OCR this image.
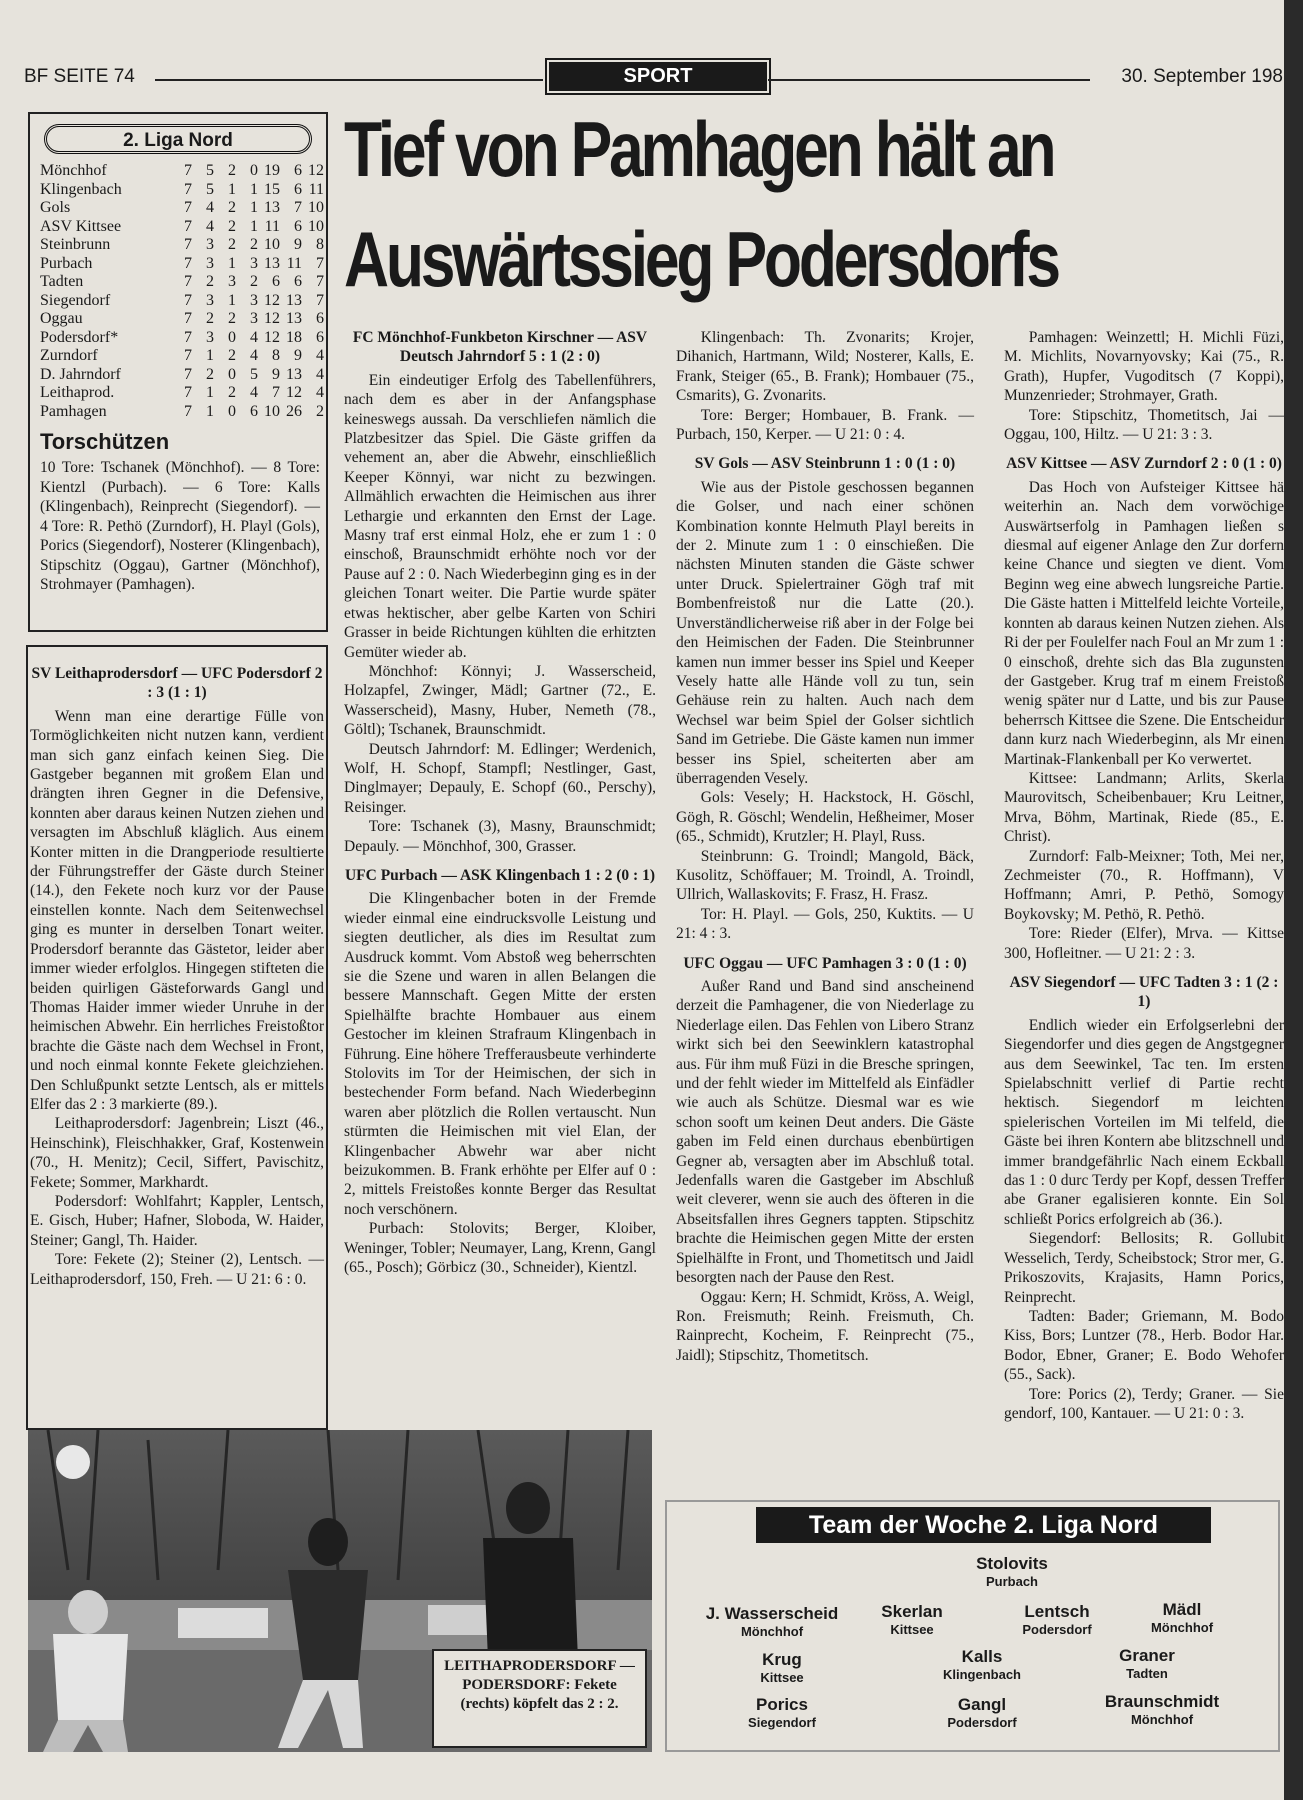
BF SEITE 74	SPORT	30. September 198
Tief von Pamhagen hält an
Auswärtssieg Podersdorfs
2. Liga Nord
Mönchhof	7	5	2	0	19	6	12
Klingenbach	7	5	1	1	15	6	11
Gols	7	4	2	1	13	7	10
ASV Kittsee	7	4	2	1	11	6	10
Steinbrunn	7	3	2	2	10	9	8
Purbach	7	3	1	3	13	11	7
Tadten	7	2	3	2	6	6	7
Siegendorf	7	3	1	3	12	13	7
Oggau	7	2	2	3	12	13	6
Podersdorf*	7	3	0	4	12	18	6
Zurndorf	7	1	2	4	8	9	4
D. Jahrndorf	7	2	0	5	9	13	4
Leithaprod.	7	1	2	4	7	12	4
Pamhagen	7	1	0	6	10	26	2
Torschützen
10 Tore: Tschanek (Mönchhof). — 8 Tore: Kientzl (Purbach). — 6 Tore: Kalls (Klingenbach), Reinprecht (Siegendorf). — 4 Tore: R. Pethö (Zurndorf), H. Playl (Gols), Porics (Siegendorf), Nosterer (Klingenbach), Stipschitz (Oggau), Gartner (Mönchhof), Strohmayer (Pamhagen).

SV Leithaprodersdorf — UFC Podersdorf 2 : 3 (1 : 1)

Wenn man eine derartige Fülle von Tormöglichkeiten nicht nutzen kann, verdient man sich ganz einfach keinen Sieg. Die Gastgeber begannen mit großem Elan und drängten ihren Gegner in die Defensive, konnten aber daraus keinen Nutzen ziehen und versagten im Abschluß kläglich. Aus einem Konter mitten in die Drangperiode resultierte der Führungstreffer der Gäste durch Steiner (14.), den Fekete noch kurz vor der Pause einstellen konnte. Nach dem Seitenwechsel ging es munter in derselben Tonart weiter. Prodersdorf berannte das Gästetor, leider aber immer wieder erfolglos. Hingegen stifteten die beiden quirligen Gästeforwards Gangl und Thomas Haider immer wieder Unruhe in der heimischen Abwehr. Ein herrliches Freistoßtor brachte die Gäste nach dem Wechsel in Front, und noch einmal konnte Fekete gleichziehen. Den Schlußpunkt setzte Lentsch, als er mittels Elfer das 2 : 3 markierte (89.).

Leithaprodersdorf: Jagenbrein; Liszt (46., Heinschink), Fleischhakker, Graf, Kostenwein (70., H. Menitz); Cecil, Siffert, Pavischitz, Fekete; Sommer, Markhardt.

Podersdorf: Wohlfahrt; Kappler, Lentsch, E. Gisch, Huber; Hafner, Sloboda, W. Haider, Steiner; Gangl, Th. Haider.

Tore: Fekete (2); Steiner (2), Lentsch. — Leithaprodersdorf, 150, Freh. — U 21: 6 : 0.

FC Mönchhof-Funkbeton Kirschner — ASV Deutsch Jahrndorf 5 : 1 (2 : 0)

Ein eindeutiger Erfolg des Tabellenführers, nach dem es aber in der Anfangsphase keineswegs aussah. Da verschliefen nämlich die Platzbesitzer das Spiel. Die Gäste griffen da vehement an, aber die Abwehr, einschließlich Keeper Könnyi, war nicht zu bezwingen. Allmählich erwachten die Heimischen aus ihrer Lethargie und erkannten den Ernst der Lage. Masny traf erst einmal Holz, ehe er zum 1 : 0 einschoß, Braunschmidt erhöhte noch vor der Pause auf 2 : 0. Nach Wiederbeginn ging es in der gleichen Tonart weiter. Die Partie wurde später etwas hektischer, aber gelbe Karten von Schiri Grasser in beide Richtungen kühlten die erhitzten Gemüter wieder ab.

Mönchhof: Könnyi; J. Wasserscheid, Holzapfel, Zwinger, Mädl; Gartner (72., E. Wasserscheid), Masny, Huber, Nemeth (78., Göltl); Tschanek, Braunschmidt.

Deutsch Jahrndorf: M. Edlinger; Werdenich, Wolf, H. Schopf, Stampfl; Nestlinger, Gast, Dinglmayer; Depauly, E. Schopf (60., Perschy), Reisinger.

Tore: Tschanek (3), Masny, Braunschmidt; Depauly. — Mönchhof, 300, Grasser.

UFC Purbach — ASK Klingenbach 1 : 2 (0 : 1)

Die Klingenbacher boten in der Fremde wieder einmal eine eindrucksvolle Leistung und siegten deutlicher, als dies im Resultat zum Ausdruck kommt. Vom Abstoß weg beherrschten sie die Szene und waren in allen Belangen die bessere Mannschaft. Gegen Mitte der ersten Spielhälfte brachte Hombauer aus einem Gestocher im kleinen Strafraum Klingenbach in Führung. Eine höhere Trefferausbeute verhinderte Stolovits im Tor der Heimischen, der sich in bestechender Form befand. Nach Wiederbeginn waren aber plötzlich die Rollen vertauscht. Nun stürmten die Heimischen mit viel Elan, der Klingenbacher Abwehr war aber nicht beizukommen. B. Frank erhöhte per Elfer auf 0 : 2, mittels Freistoßes konnte Berger das Resultat noch verschönern.

Purbach: Stolovits; Berger, Kloiber, Weninger, Tobler; Neumayer, Lang, Krenn, Gangl (65., Posch); Görbicz (30., Schneider), Kientzl.

Klingenbach: Th. Zvonarits; Krojer, Dihanich, Hartmann, Wild; Nosterer, Kalls, E. Frank, Steiger (65., B. Frank); Hombauer (75., Csmarits), G. Zvonarits.

Tore: Berger; Hombauer, B. Frank. — Purbach, 150, Kerper. — U 21: 0 : 4.

SV Gols — ASV Steinbrunn 1 : 0 (1 : 0)

Wie aus der Pistole geschossen begannen die Golser, und nach einer schönen Kombination konnte Helmuth Playl bereits in der 2. Minute zum 1 : 0 einschießen. Die nächsten Minuten standen die Gäste schwer unter Druck. Spielertrainer Gögh traf mit Bombenfreistoß nur die Latte (20.). Unverständlicherweise riß aber in der Folge bei den Heimischen der Faden. Die Steinbrunner kamen nun immer besser ins Spiel und Keeper Vesely hatte alle Hände voll zu tun, sein Gehäuse rein zu halten. Auch nach dem Wechsel war beim Spiel der Golser sichtlich Sand im Getriebe. Die Gäste kamen nun immer besser ins Spiel, scheiterten aber am überragenden Vesely.

Gols: Vesely; H. Hackstock, H. Göschl, Gögh, R. Göschl; Wendelin, Heßheimer, Moser (65., Schmidt), Krutzler; H. Playl, Russ.

Steinbrunn: G. Troindl; Mangold, Bäck, Kusolitz, Schöffauer; M. Troindl, A. Troindl, Ullrich, Wallaskovits; F. Frasz, H. Frasz.

Tor: H. Playl. — Gols, 250, Kuktits. — U 21: 4 : 3.

UFC Oggau — UFC Pamhagen 3 : 0 (1 : 0)

Außer Rand und Band sind anscheinend derzeit die Pamhagener, die von Niederlage zu Niederlage eilen. Das Fehlen von Libero Stranz wirkt sich bei den Seewinklern katastrophal aus. Für ihm muß Füzi in die Bresche springen, und der fehlt wieder im Mittelfeld als Einfädler wie auch als Schütze. Diesmal war es wie schon sooft um keinen Deut anders. Die Gäste gaben im Feld einen durchaus ebenbürtigen Gegner ab, versagten aber im Abschluß total. Jedenfalls waren die Gastgeber im Abschluß weit cleverer, wenn sie auch des öfteren in die Abseitsfallen ihres Gegners tappten. Stipschitz brachte die Heimischen gegen Mitte der ersten Spielhälfte in Front, und Thometitsch und Jaidl besorgten nach der Pause den Rest.

Oggau: Kern; H. Schmidt, Kröss, A. Weigl, Ron. Freismuth; Reinh. Freismuth, Ch. Rainprecht, Kocheim, F. Reinprecht (75., Jaidl); Stipschitz, Thometitsch.

Pamhagen: Weinzettl; H. Michli Füzi, M. Michlits, Novarnyovsky; Kai (75., R. Grath), Hupfer, Vugoditsch (7 Koppi), Munzenrieder; Strohmayer, Grath.

Tore: Stipschitz, Thometitsch, Jai — Oggau, 100, Hiltz. — U 21: 3 : 3.

ASV Kittsee — ASV Zurndorf 2 : 0 (1 : 0)

Das Hoch von Aufsteiger Kittsee hä weiterhin an. Nach dem vorwöchige Auswärtserfolg in Pamhagen ließen s diesmal auf eigener Anlage den Zur dorfern keine Chance und siegten ve dient. Vom Beginn weg eine abwech lungsreiche Partie. Die Gäste hatten i Mittelfeld leichte Vorteile, konnten ab daraus keinen Nutzen ziehen. Als Ri der per Foulelfer nach Foul an Mr zum 1 : 0 einschoß, drehte sich das Bla zugunsten der Gastgeber. Krug traf m einem Freistoß wenig später nur d Latte, und bis zur Pause beherrsch Kittsee die Szene. Die Entscheidur dann kurz nach Wiederbeginn, als Mr einen Martinak-Flankenball per Ko verwertet.

Kittsee: Landmann; Arlits, Skerla Maurovitsch, Scheibenbauer; Kru Leitner, Mrva, Böhm, Martinak, Riede (85., E. Christ).

Zurndorf: Falb-Meixner; Toth, Mei ner, Zechmeister (70., R. Hoffmann), V Hoffmann; Amri, P. Pethö, Somogy Boykovsky; M. Pethö, R. Pethö.

Tore: Rieder (Elfer), Mrva. — Kittse 300, Hofleitner. — U 21: 2 : 3.

ASV Siegendorf — UFC Tadten 3 : 1 (2 : 1)

Endlich wieder ein Erfolgserlebni der Siegendorfer und dies gegen de Angstgegner aus dem Seewinkel, Tac ten. Im ersten Spielabschnitt verlief di Partie recht hektisch. Siegendorf m leichten spielerischen Vorteilen im Mi telfeld, die Gäste bei ihren Kontern abe blitzschnell und immer brandgefährlic Nach einem Eckball das 1 : 0 durc Terdy per Kopf, dessen Treffer abe Graner egalisieren konnte. Ein Sol schließt Porics erfolgreich ab (36.).

Siegendorf: Bellosits; R. Gollubit Wesselich, Terdy, Scheibstock; Stror mer, G. Prikoszovits, Krajasits, Hamn Porics, Reinprecht.

Tadten: Bader; Griemann, M. Bodo Kiss, Bors; Luntzer (78., Herb. Bodor Har. Bodor, Ebner, Graner; E. Bodo Wehofer (55., Sack).

Tore: Porics (2), Terdy; Graner. — Sie gendorf, 100, Kantauer. — U 21: 0 : 3.

LEITHAPRODERSDORF — PODERSDORF: Fekete (rechts) köpfelt das 2 : 2.
Stolovits
Purbach
J. Wasserscheid
Mönchhof
Skerlan
Kittsee
Lentsch
Podersdorf
Mädl
Mönchhof
Krug
Kittsee
Kalls
Klingenbach
Graner
Tadten
Porics
Siegendorf
Gangl
Podersdorf
Braunschmidt
Mönchhof
Team der Woche 2. Liga Nord
